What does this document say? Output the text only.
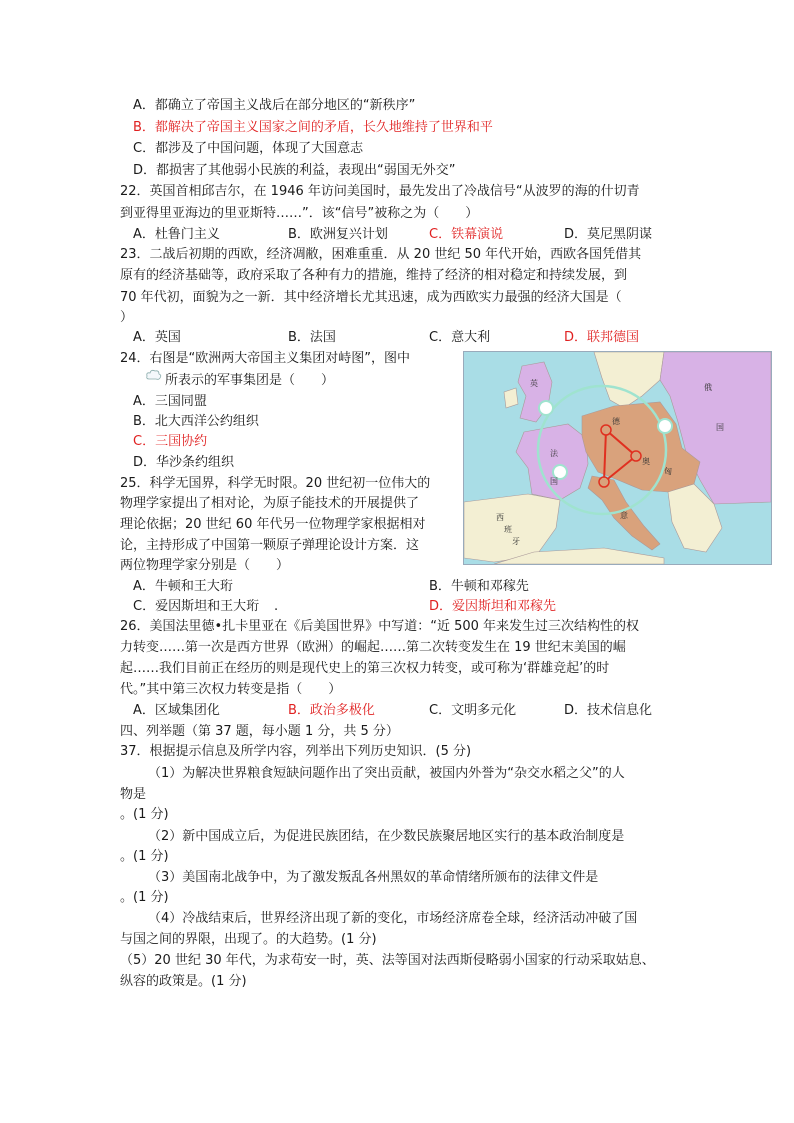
A．都确立了帝国主义战后在部分地区的“新秩序”
B．都解决了帝国主义国家之间的矛盾，长久地维持了世界和平
C．都涉及了中国问题，体现了大国意志
D．都损害了其他弱小民族的利益，表现出“弱国无外交”
22．英国首相邱吉尔，在 1946 年访问美国时，最先发出了冷战信号“从波罗的海的什切青
到亚得里亚海边的里亚斯特……”．该“信号”被称之为（　　）
A．杜鲁门主义	B．欧洲复兴计划	C．铁幕演说	D．莫尼黑阴谋
23．二战后初期的西欧，经济凋敝，困难重重．从 20 世纪 50 年代开始，西欧各国凭借其
原有的经济基础等，政府采取了各种有力的措施，维持了经济的相对稳定和持续发展，到
70 年代初，面貌为之一新．其中经济增长尤其迅速，成为西欧实力最强的经济大国是（
）
A．英国	B．法国	C．意大利	D．联邦德国
24．右图是“欧洲两大帝国主义集团对峙图”，图中
所表示的军事集团是（　　）
A．三国同盟
B．北大西洋公约组织
C．三国协约
D．华沙条约组织
英
法
国
德
奥
匈
俄
国
意
西
班
牙
25．科学无国界，科学无时限。20 世纪初一位伟大的
物理学家提出了相对论，为原子能技术的开展提供了
理论依据；20 世纪 60 年代另一位物理学家根据相对
论，主持形成了中国第一颗原子弹理论设计方案．这
两位物理学家分别是（　　）
A．牛顿和王大珩	B．牛顿和邓稼先
C．爱因斯坦和王大珩 .	D．爱因斯坦和邓稼先
26．美国法里德•扎卡里亚在《后美国世界》中写道：“近 500 年来发生过三次结构性的权
力转变……第一次是西方世界（欧洲）的崛起……第二次转变发生在 19 世纪末美国的崛
起……我们目前正在经历的则是现代史上的第三次权力转变，或可称为‘群雄竞起’的时
代。”其中第三次权力转变是指（　　）
A．区域集团化	B．政治多极化	C．文明多元化	D．技术信息化
四、列举题（第 37 题，每小题 1 分，共 5 分）
37．根据提示信息及所学内容，列举出下列历史知识．(5 分)
（1）为解决世界粮食短缺问题作出了突出贡献，被国内外誉为“杂交水稻之父”的人
物是
。(1 分)
（2）新中国成立后，为促进民族团结，在少数民族聚居地区实行的基本政治制度是
。(1 分)
（3）美国南北战争中，为了激发叛乱各州黑奴的革命情绪所颁布的法律文件是
。(1 分)
（4）冷战结束后，世界经济出现了新的变化，市场经济席卷全球，经济活动冲破了国
与国之间的界限，出现了。的大趋势。(1 分)
（5）20 世纪 30 年代，为求苟安一时，英、法等国对法西斯侵略弱小国家的行动采取姑息、
纵容的政策是。(1 分)
